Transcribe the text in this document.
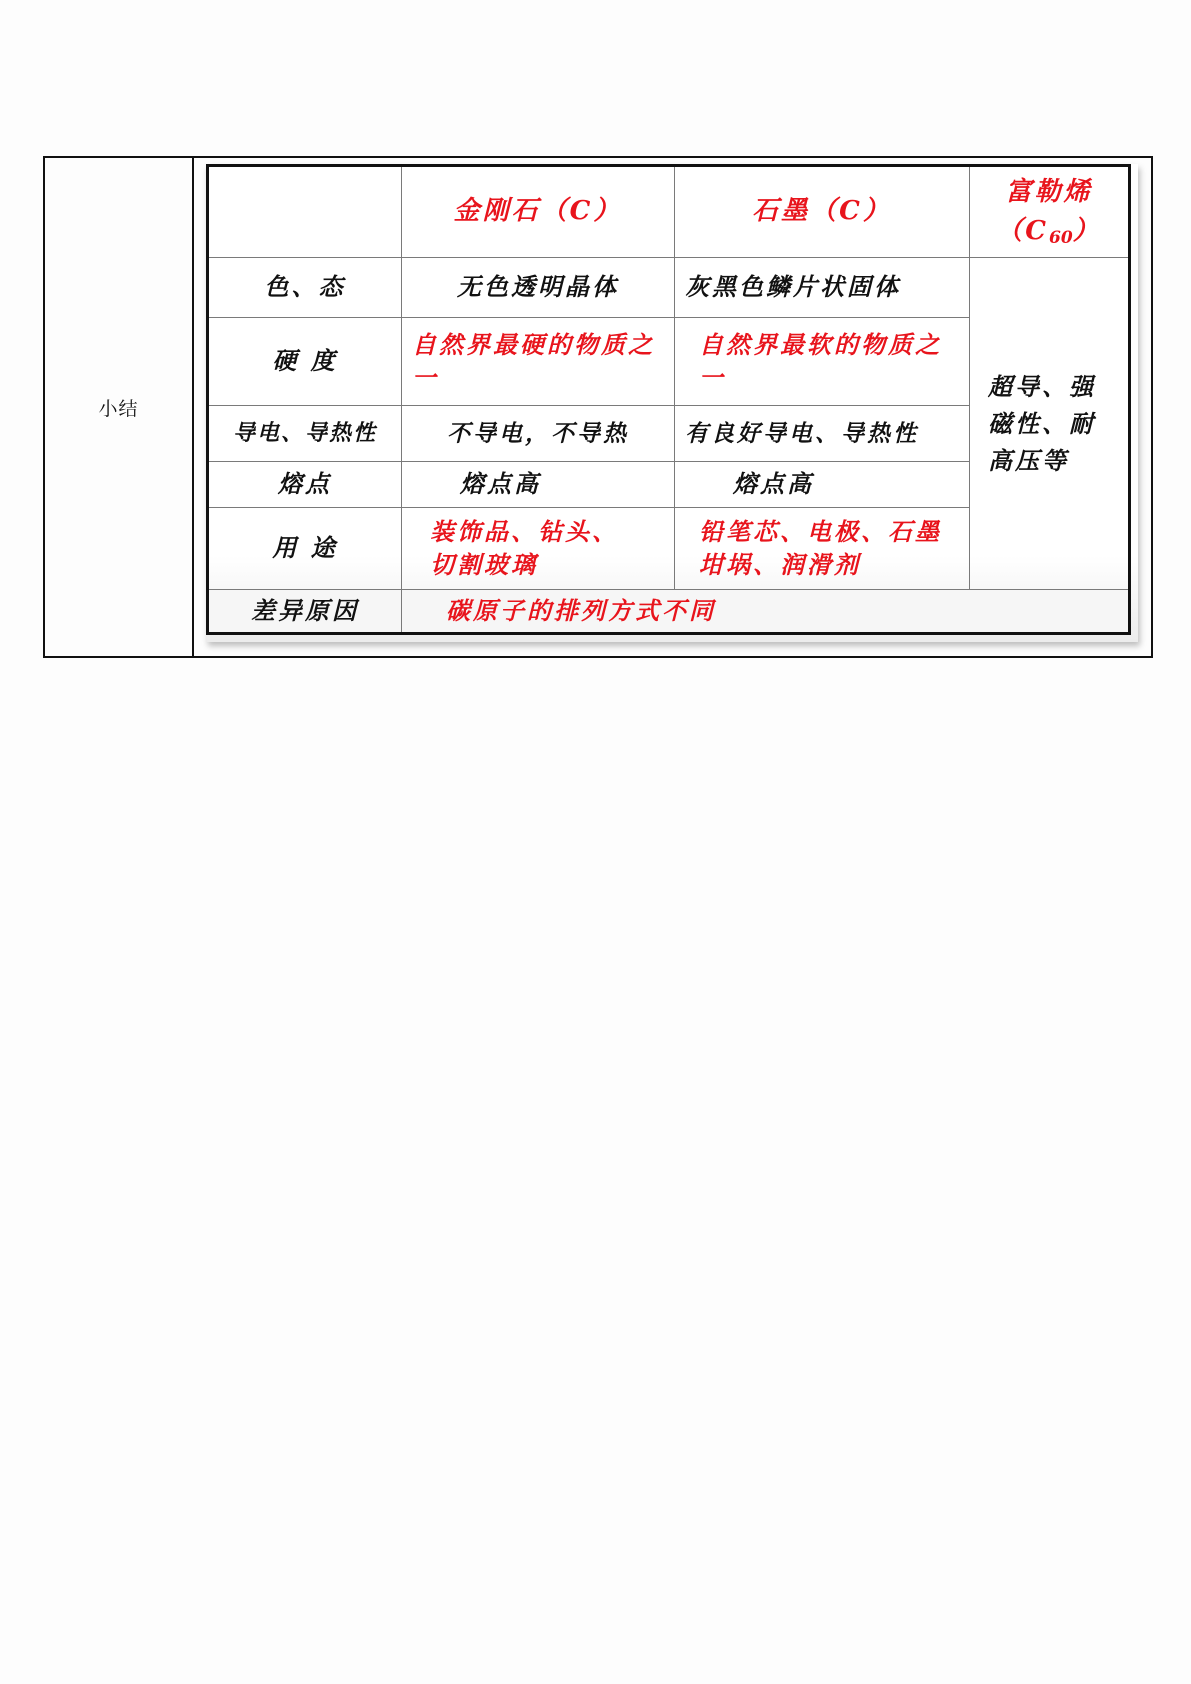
小结	
	金刚石（C）	石墨（C）	富勒烯
$(C_{60})$
色、态	无色透明晶体	灰黑色鳞片状固体	超导、强磁性、耐高压等
硬 度	自然界最硬的物质之一	自然界最软的物质之一
导电、导热性	不导电，不导热	有良好导电、导热性
熔点	熔点高	熔点高
用 途	装饰品、钻头、切割玻璃	铅笔芯、电极、石墨坩埚、润滑剂
差异原因	碳原子的排列方式不同
